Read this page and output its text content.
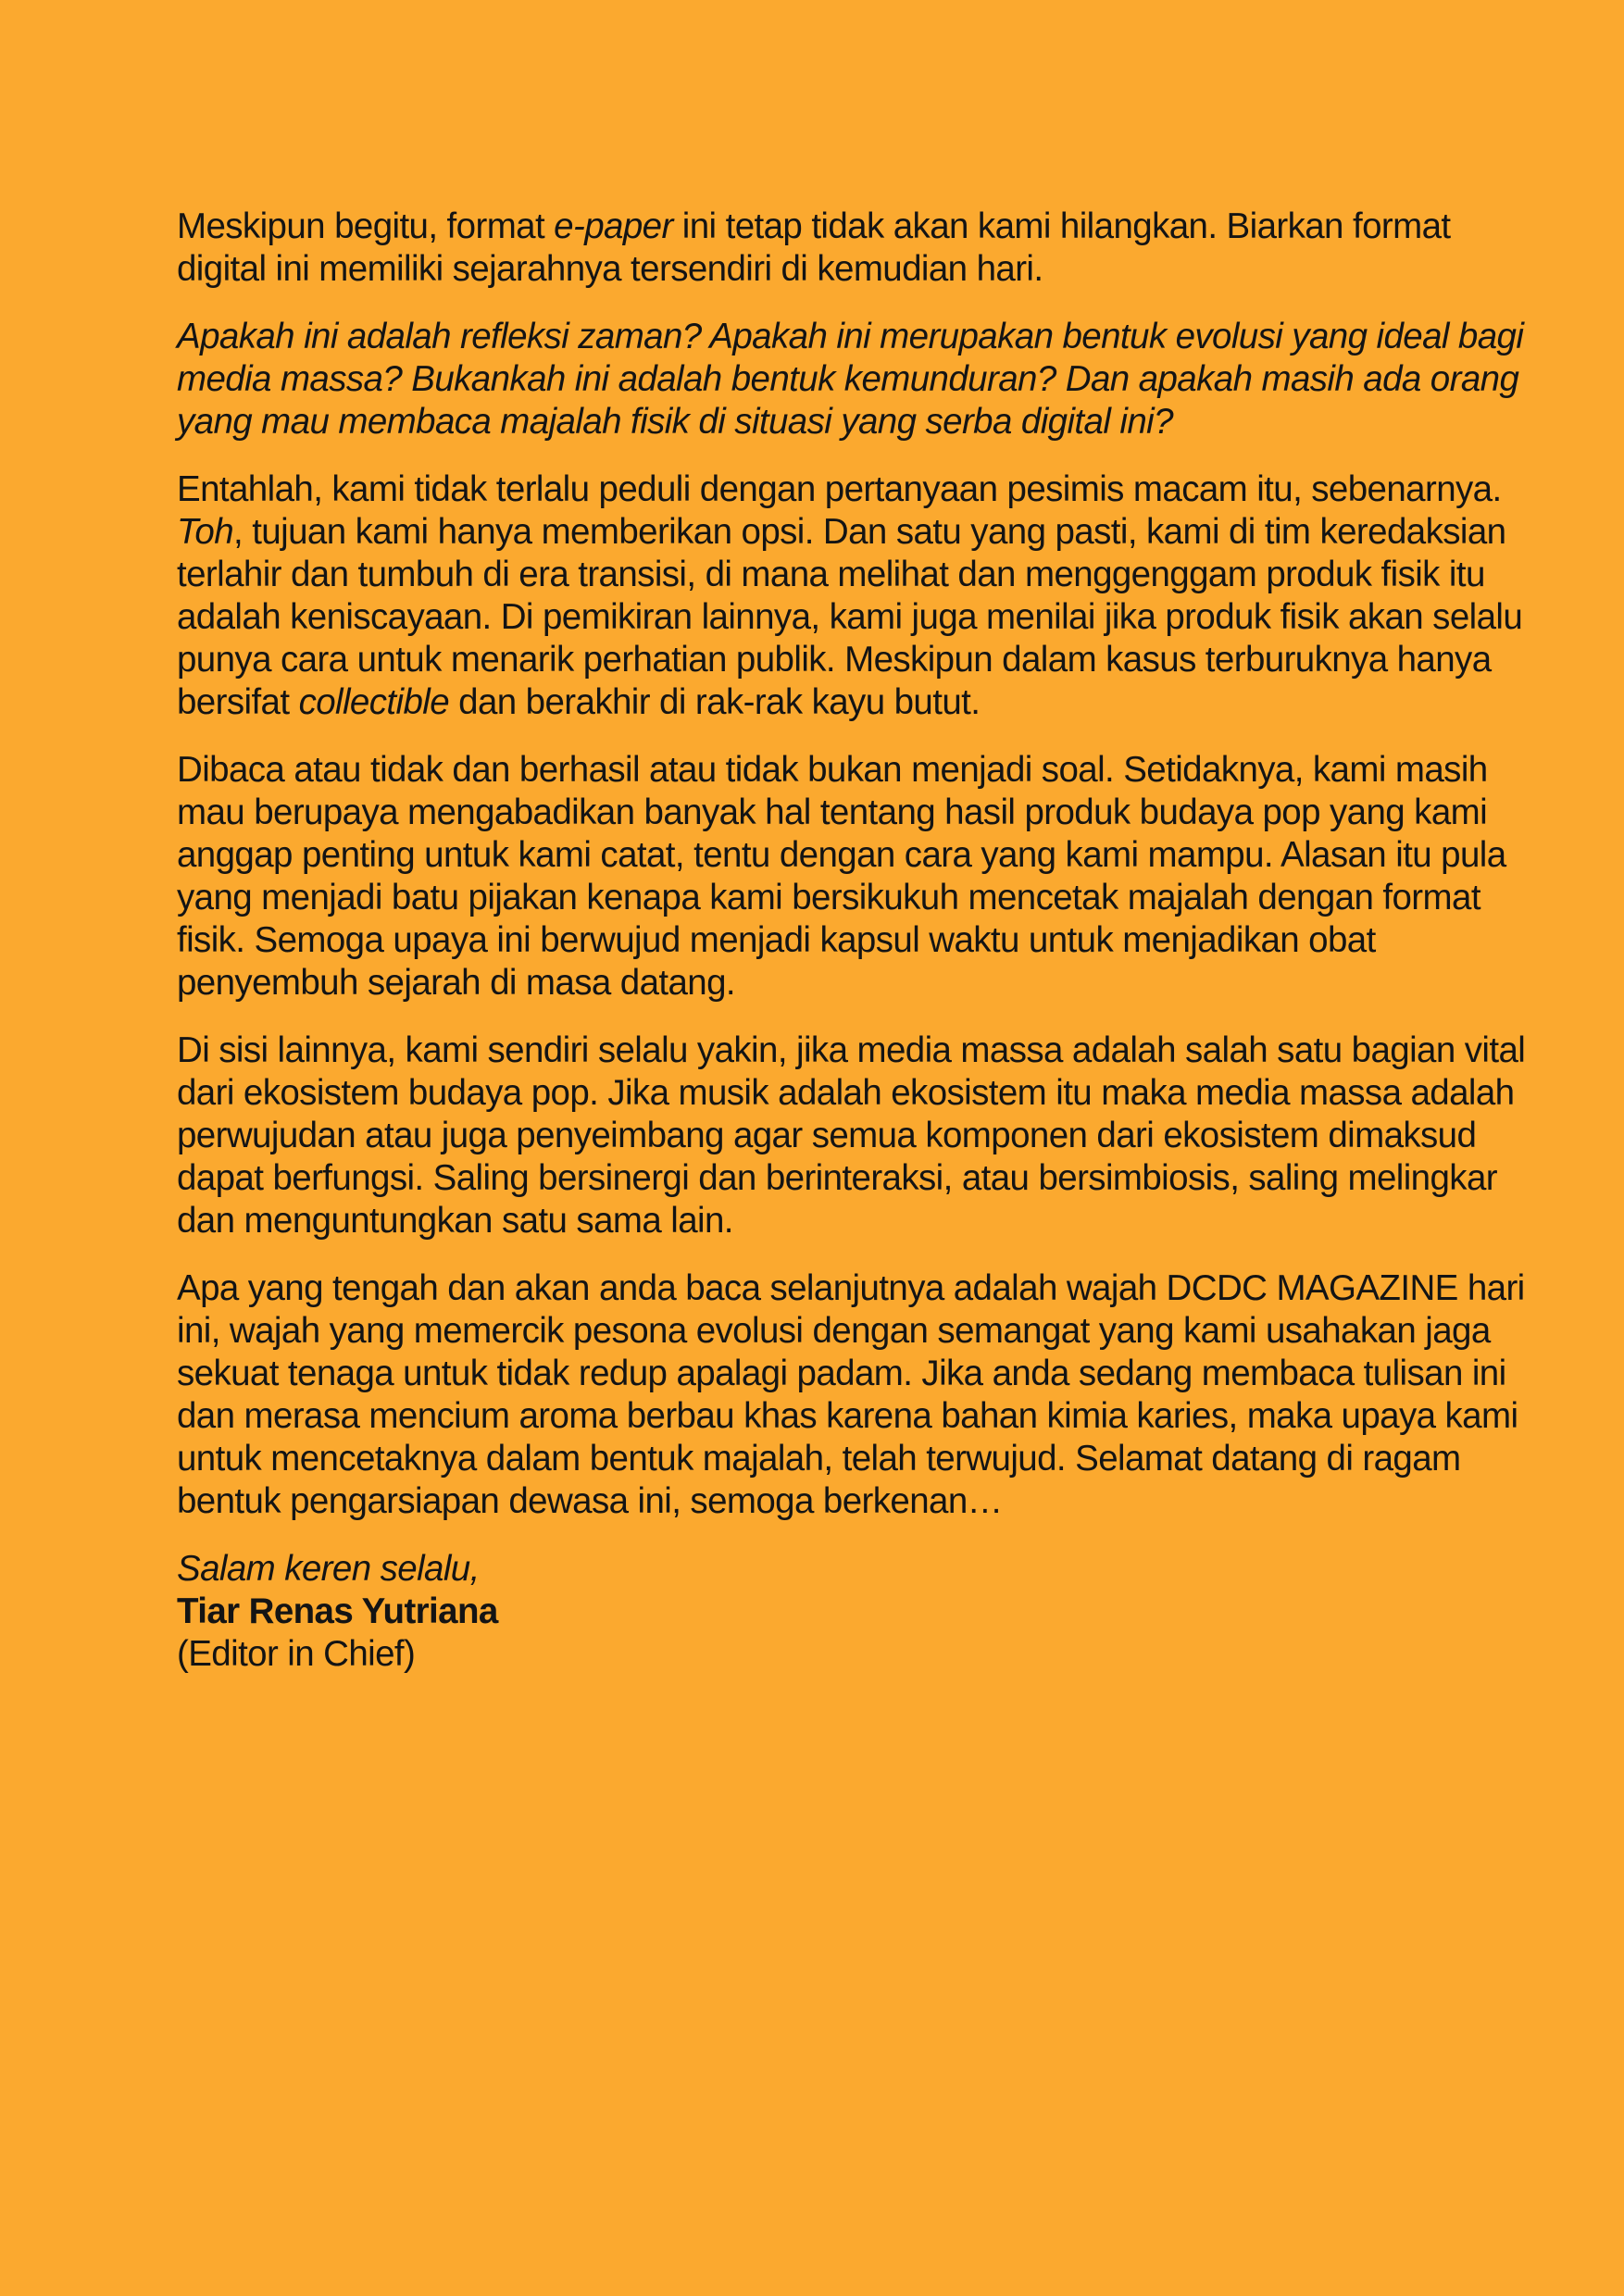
Meskipun begitu, format e-paper ini tetap tidak akan kami hilangkan. Biarkan format digital ini memiliki sejarahnya tersendiri di kemudian hari.

Apakah ini adalah refleksi zaman? Apakah ini merupakan bentuk evolusi yang ideal bagi media massa? Bukankah ini adalah bentuk kemunduran? Dan apakah masih ada orang yang mau membaca majalah fisik di situasi yang serba digital ini?

Entahlah, kami tidak terlalu peduli dengan pertanyaan pesimis macam itu, sebenarnya. Toh, tujuan kami hanya memberikan opsi. Dan satu yang pasti, kami di tim keredaksian terlahir dan tumbuh di era transisi, di mana melihat dan menggenggam produk fisik itu adalah keniscayaan. Di pemikiran lainnya, kami juga menilai jika produk fisik akan selalu punya cara untuk menarik perhatian publik. Meskipun dalam kasus terburuknya hanya bersifat collectible dan berakhir di rak-rak kayu butut.

Dibaca atau tidak dan berhasil atau tidak bukan menjadi soal. Setidaknya, kami masih mau berupaya mengabadikan banyak hal tentang hasil produk budaya pop yang kami anggap penting untuk kami catat, tentu dengan cara yang kami mampu. Alasan itu pula yang menjadi batu pijakan kenapa kami bersikukuh mencetak majalah dengan format fisik. Semoga upaya ini berwujud menjadi kapsul waktu untuk menjadikan obat penyembuh sejarah di masa datang.

Di sisi lainnya, kami sendiri selalu yakin, jika media massa adalah salah satu bagian vital dari ekosistem budaya pop. Jika musik adalah ekosistem itu maka media massa adalah perwujudan atau juga penyeimbang agar semua komponen dari ekosistem dimaksud dapat berfungsi. Saling bersinergi dan berinteraksi, atau bersimbiosis, saling melingkar dan menguntungkan satu sama lain.

Apa yang tengah dan akan anda baca selanjutnya adalah wajah DCDC MAGAZINE hari ini, wajah yang memercik pesona evolusi dengan semangat yang kami usahakan jaga sekuat tenaga untuk tidak redup apalagi padam. Jika anda sedang membaca tulisan ini dan merasa mencium aroma berbau khas karena bahan kimia karies, maka upaya kami untuk mencetaknya dalam bentuk majalah, telah terwujud. Selamat datang di ragam bentuk pengarsiapan dewasa ini, semoga berkenan…

Salam keren selalu,
Tiar Renas Yutriana
(Editor in Chief)
